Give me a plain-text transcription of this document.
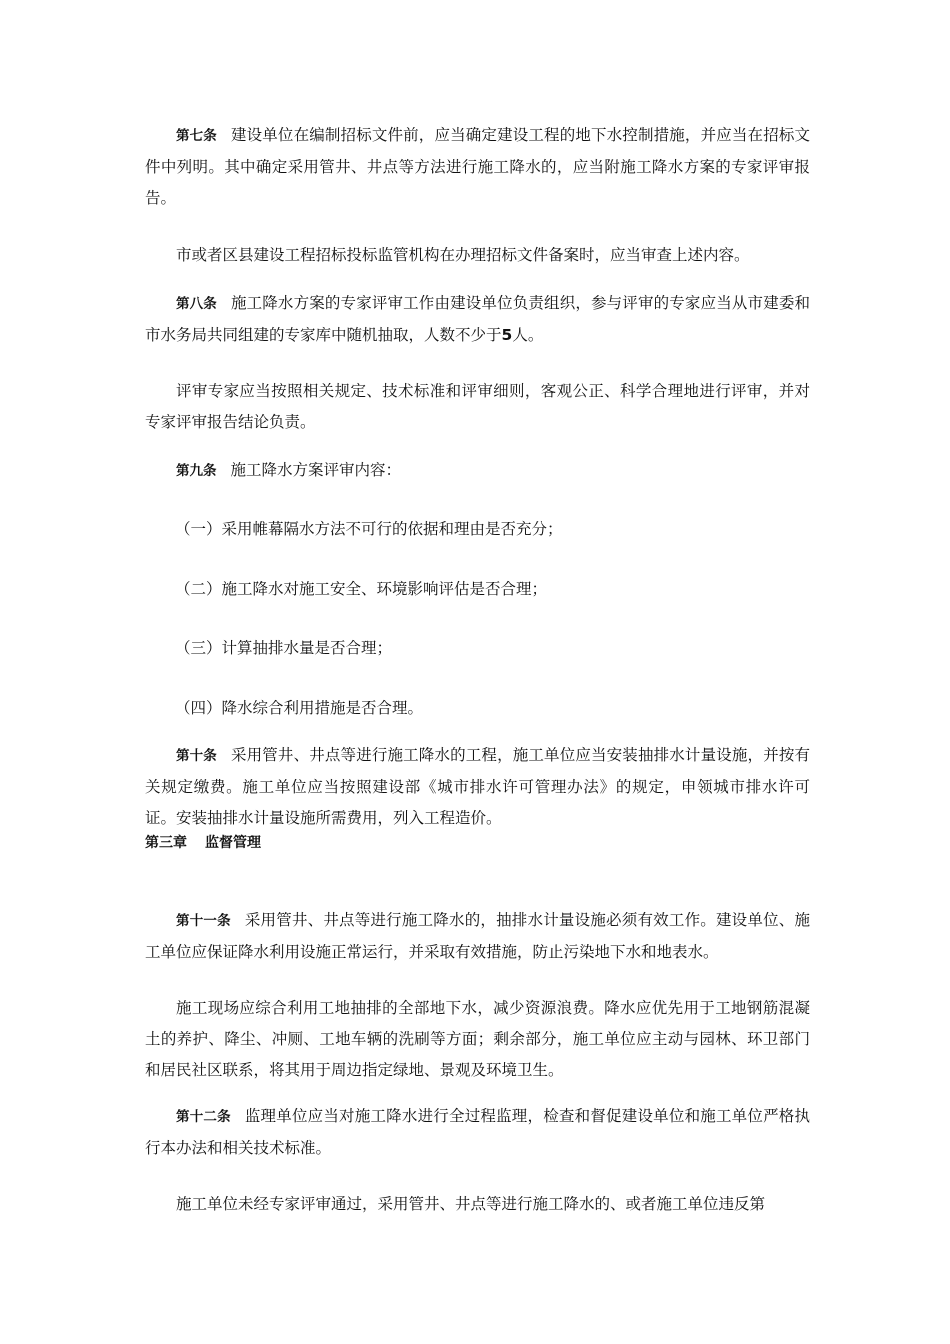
第七条 建设单位在编制招标文件前，应当确定建设工程的地下水控制措施，并应当在招标文件中列明。其中确定采用管井、井点等方法进行施工降水的，应当附施工降水方案的专家评审报告。

市或者区县建设工程招标投标监管机构在办理招标文件备案时，应当审查上述内容。

第八条 施工降水方案的专家评审工作由建设单位负责组织，参与评审的专家应当从市建委和市水务局共同组建的专家库中随机抽取，人数不少于5人。

评审专家应当按照相关规定、技术标准和评审细则，客观公正、科学合理地进行评审，并对专家评审报告结论负责。

第九条 施工降水方案评审内容：

（一）采用帷幕隔水方法不可行的依据和理由是否充分；

（二）施工降水对施工安全、环境影响评估是否合理；

（三）计算抽排水量是否合理；

（四）降水综合利用措施是否合理。

第十条 采用管井、井点等进行施工降水的工程，施工单位应当安装抽排水计量设施，并按有关规定缴费。施工单位应当按照建设部《城市排水许可管理办法》的规定，申领城市排水许可证。安装抽排水计量设施所需费用，列入工程造价。

第三章 监督管理

第十一条 采用管井、井点等进行施工降水的，抽排水计量设施必须有效工作。建设单位、施工单位应保证降水利用设施正常运行，并采取有效措施，防止污染地下水和地表水。

施工现场应综合利用工地抽排的全部地下水，减少资源浪费。降水应优先用于工地钢筋混凝土的养护、降尘、冲厕、工地车辆的洗刷等方面；剩余部分，施工单位应主动与园林、环卫部门和居民社区联系，将其用于周边指定绿地、景观及环境卫生。

第十二条 监理单位应当对施工降水进行全过程监理，检查和督促建设单位和施工单位严格执行本办法和相关技术标准。

施工单位未经专家评审通过，采用管井、井点等进行施工降水的、或者施工单位违反第
